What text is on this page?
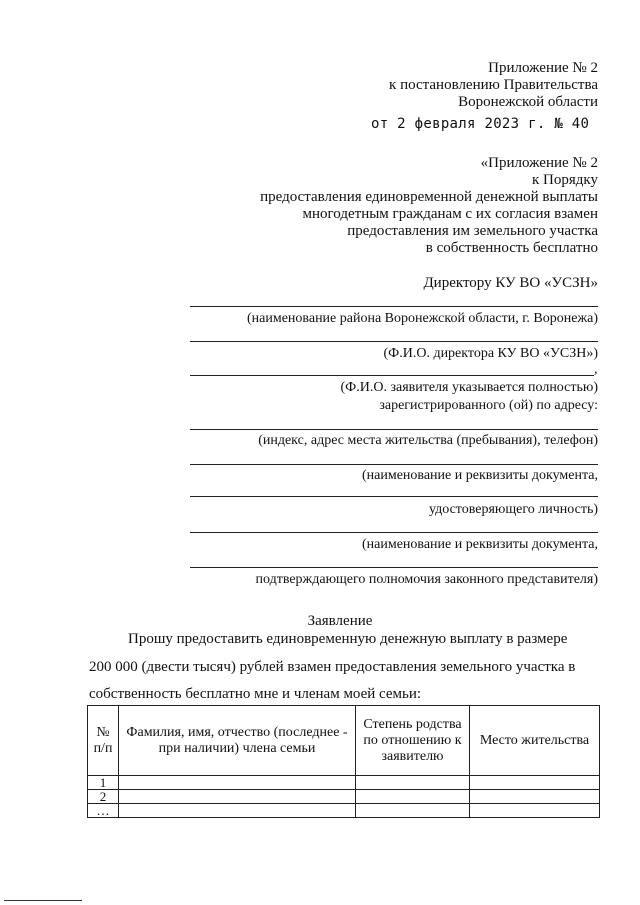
Приложение № 2
к постановлению Правительства
Воронежской области
от 2 февраля 2023 г. № 40
«Приложение № 2
к Порядку
предоставления единовременной денежной выплаты
многодетным гражданам с их согласия взамен
предоставления им земельного участка
в собственность бесплатно
Директору КУ ВО «УСЗН»
(наименование района Воронежской области, г. Воронежа)
(Ф.И.О. директора КУ ВО «УСЗН»)
,
(Ф.И.О. заявителя указывается полностью)
зарегистрированного (ой) по адресу:
(индекс, адрес места жительства (пребывания), телефон)
(наименование и реквизиты документа,
удостоверяющего личность)
(наименование и реквизиты документа,
подтверждающего полномочия законного представителя)
Заявление
Прошу предоставить единовременную денежную выплату в размере
200 000 (двести тысяч) рублей взамен предоставления земельного участка в
собственность бесплатно мне и членам моей семьи:
№ п/п	Фамилия, имя, отчество (последнее - при наличии) члена семьи	Степень родства по отношению к заявителю	Место жительства
1			
2			
…			
